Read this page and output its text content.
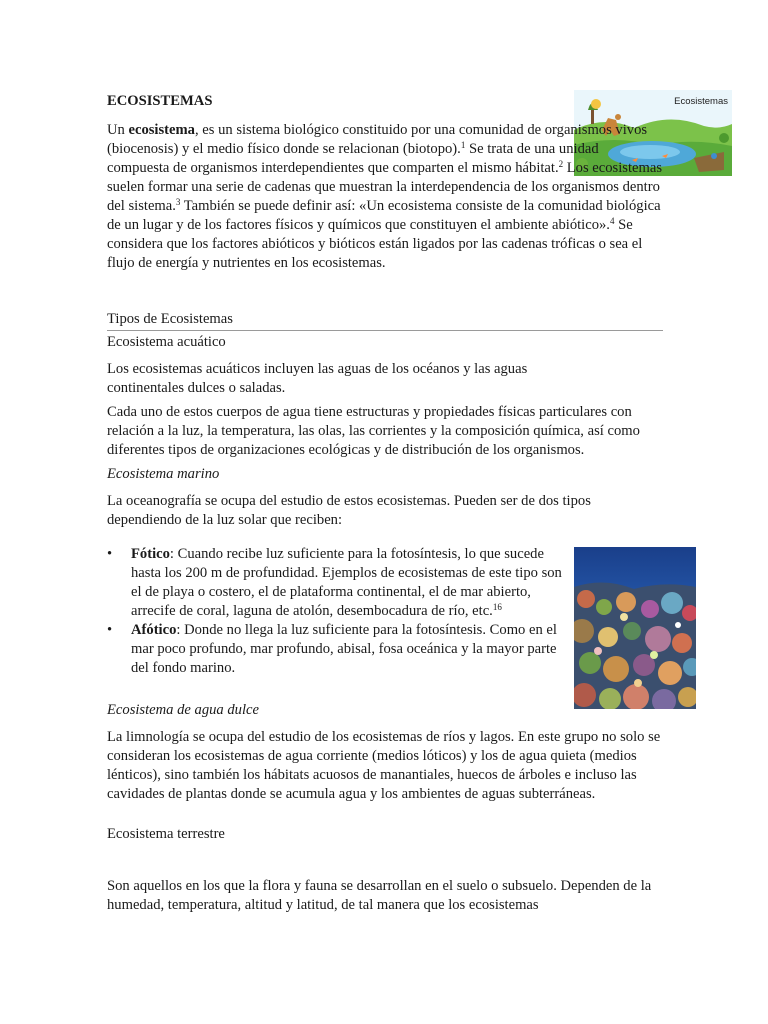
ECOSISTEMAS	Ecosistemas

Un ecosistema, es un sistema biológico constituido por una comunidad de organismos vivos (biocenosis) y el medio físico donde se relacionan (biotopo).$^1$ Se trata de una unidad compuesta de organismos interdependientes que comparten el mismo hábitat.$^2$ Los ecosistemas suelen formar una serie de cadenas que muestran la interdependencia de los organismos dentro del sistema.$^3$ También se puede definir así: «Un ecosistema consiste de la comunidad biológica de un lugar y de los factores físicos y químicos que constituyen el ambiente abiótico».$^4$ Se considera que los factores abióticos y bióticos están ligados por las cadenas tróficas o sea el flujo de energía y nutrientes en los ecosistemas.

Tipos de Ecosistemas
Ecosistema acuático

Los ecosistemas acuáticos incluyen las aguas de los océanos y las aguas continentales dulces o saladas.

Cada uno de estos cuerpos de agua tiene estructuras y propiedades físicas particulares con relación a la luz, la temperatura, las olas, las corrientes y la composición química, así como diferentes tipos de organizaciones ecológicas y de distribución de los organismos.

Ecosistema marino

La oceanografía se ocupa del estudio de estos ecosistemas. Pueden ser de dos tipos dependiendo de la luz solar que reciben:

• Fótico: Cuando recibe luz suficiente para la fotosíntesis, lo que sucede hasta los 200 m de profundidad. Ejemplos de ecosistemas de este tipo son el de playa o costero, el de plataforma continental, el de mar abierto, arrecife de coral, laguna de atolón, desembocadura de río, etc.$^{16}$
• Afótico: Donde no llega la luz suficiente para la fotosíntesis. Como en el mar poco profundo, mar profundo, abisal, fosa oceánica y la mayor parte del fondo marino.
Ecosistema de agua dulce

La limnología se ocupa del estudio de los ecosistemas de ríos y lagos. En este grupo no solo se consideran los ecosistemas de agua corriente (medios lóticos) y los de agua quieta (medios lénticos), sino también los hábitats acuosos de manantiales, huecos de árboles e incluso las cavidades de plantas donde se acumula agua y los ambientes de aguas subterráneas.

Ecosistema terrestre

Son aquellos en los que la flora y fauna se desarrollan en el suelo o subsuelo. Dependen de la humedad, temperatura, altitud y latitud, de tal manera que los ecosistemas
